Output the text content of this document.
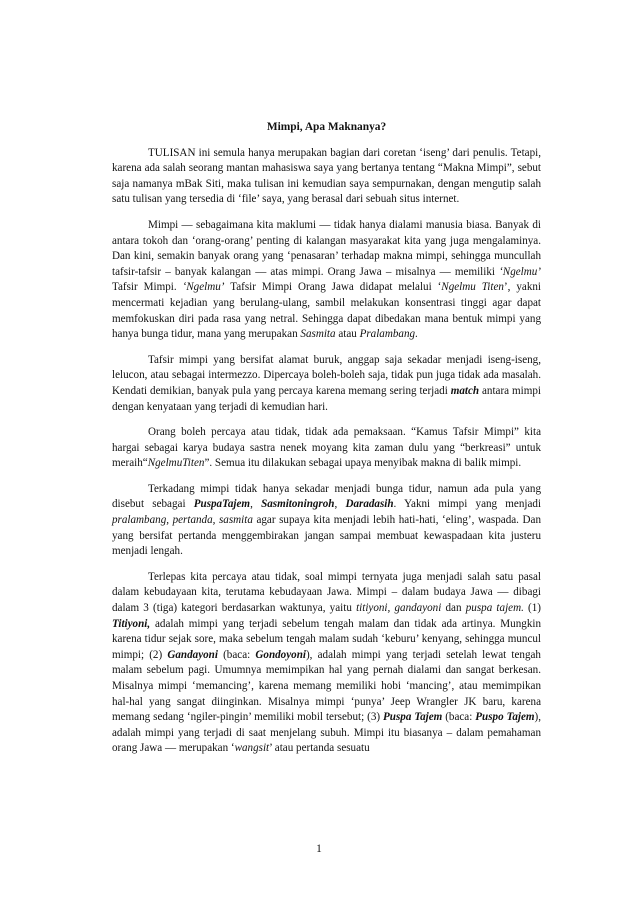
Mimpi, Apa Maknanya?

TULISAN ini semula hanya merupakan bagian dari coretan ‘iseng’ dari penulis. Tetapi, karena ada salah seorang mantan mahasiswa saya yang bertanya tentang “Makna Mimpi”, sebut saja namanya mBak Siti, maka tulisan ini kemudian saya sempurnakan, dengan mengutip salah satu tulisan yang tersedia di ‘file’ saya, yang berasal dari sebuah situs internet.

Mimpi — sebagaimana kita maklumi — tidak hanya dialami manusia biasa. Banyak di antara tokoh dan ‘orang-orang’ penting di kalangan masyarakat kita yang juga mengalaminya. Dan kini, semakin banyak orang yang ‘penasaran’ terhadap makna mimpi, sehingga muncullah tafsir-tafsir – banyak kalangan — atas mimpi. Orang Jawa – misalnya — memiliki ‘Ngelmu’ Tafsir Mimpi. ‘Ngelmu’ Tafsir Mimpi Orang Jawa didapat melalui ‘Ngelmu Titen’, yakni mencermati kejadian yang berulang-ulang, sambil melakukan konsentrasi tinggi agar dapat memfokuskan diri pada rasa yang netral. Sehingga dapat dibedakan mana bentuk mimpi yang hanya bunga tidur, mana yang merupakan Sasmita atau Pralambang.

Tafsir mimpi yang bersifat alamat buruk, anggap saja sekadar menjadi iseng-iseng, lelucon, atau sebagai intermezzo. Dipercaya boleh-boleh saja, tidak pun juga tidak ada masalah. Kendati demikian, banyak pula yang percaya karena memang sering terjadi match antara mimpi dengan kenyataan yang terjadi di kemudian hari.

Orang boleh percaya atau tidak, tidak ada pemaksaan. “Kamus Tafsir Mimpi” kita hargai sebagai karya budaya sastra nenek moyang kita zaman dulu yang “berkreasi” untuk meraih“NgelmuTiten”. Semua itu dilakukan sebagai upaya menyibak makna di balik mimpi.

Terkadang mimpi tidak hanya sekadar menjadi bunga tidur, namun ada pula yang disebut sebagai PuspaTajem, Sasmitoningroh, Daradasih. Yakni mimpi yang menjadi pralambang, pertanda, sasmita agar supaya kita menjadi lebih hati-hati, ‘eling’, waspada. Dan yang bersifat pertanda menggembirakan jangan sampai membuat kewaspadaan kita justeru menjadi lengah.

Terlepas kita percaya atau tidak, soal mimpi ternyata juga menjadi salah satu pasal dalam kebudayaan kita, terutama kebudayaan Jawa. Mimpi – dalam budaya Jawa — dibagi dalam 3 (tiga) kategori berdasarkan waktunya, yaitu titiyoni, gandayoni dan puspa tajem. (1) Titiyoni, adalah mimpi yang terjadi sebelum tengah malam dan tidak ada artinya. Mungkin karena tidur sejak sore, maka sebelum tengah malam sudah ‘keburu’ kenyang, sehingga muncul mimpi; (2) Gandayoni (baca: Gondoyoni), adalah mimpi yang terjadi setelah lewat tengah malam sebelum pagi. Umumnya memimpikan hal yang pernah dialami dan sangat berkesan. Misalnya mimpi ‘memancing’, karena memang memiliki hobi ‘mancing’, atau memimpikan hal-hal yang sangat diinginkan. Misalnya mimpi ‘punya’ Jeep Wrangler JK baru, karena memang sedang ‘ngiler-pingin’ memiliki mobil tersebut; (3) Puspa Tajem (baca: Puspo Tajem), adalah mimpi yang terjadi di saat menjelang subuh. Mimpi itu biasanya – dalam pemahaman orang Jawa — merupakan ‘wangsit’ atau pertanda sesuatu

1
